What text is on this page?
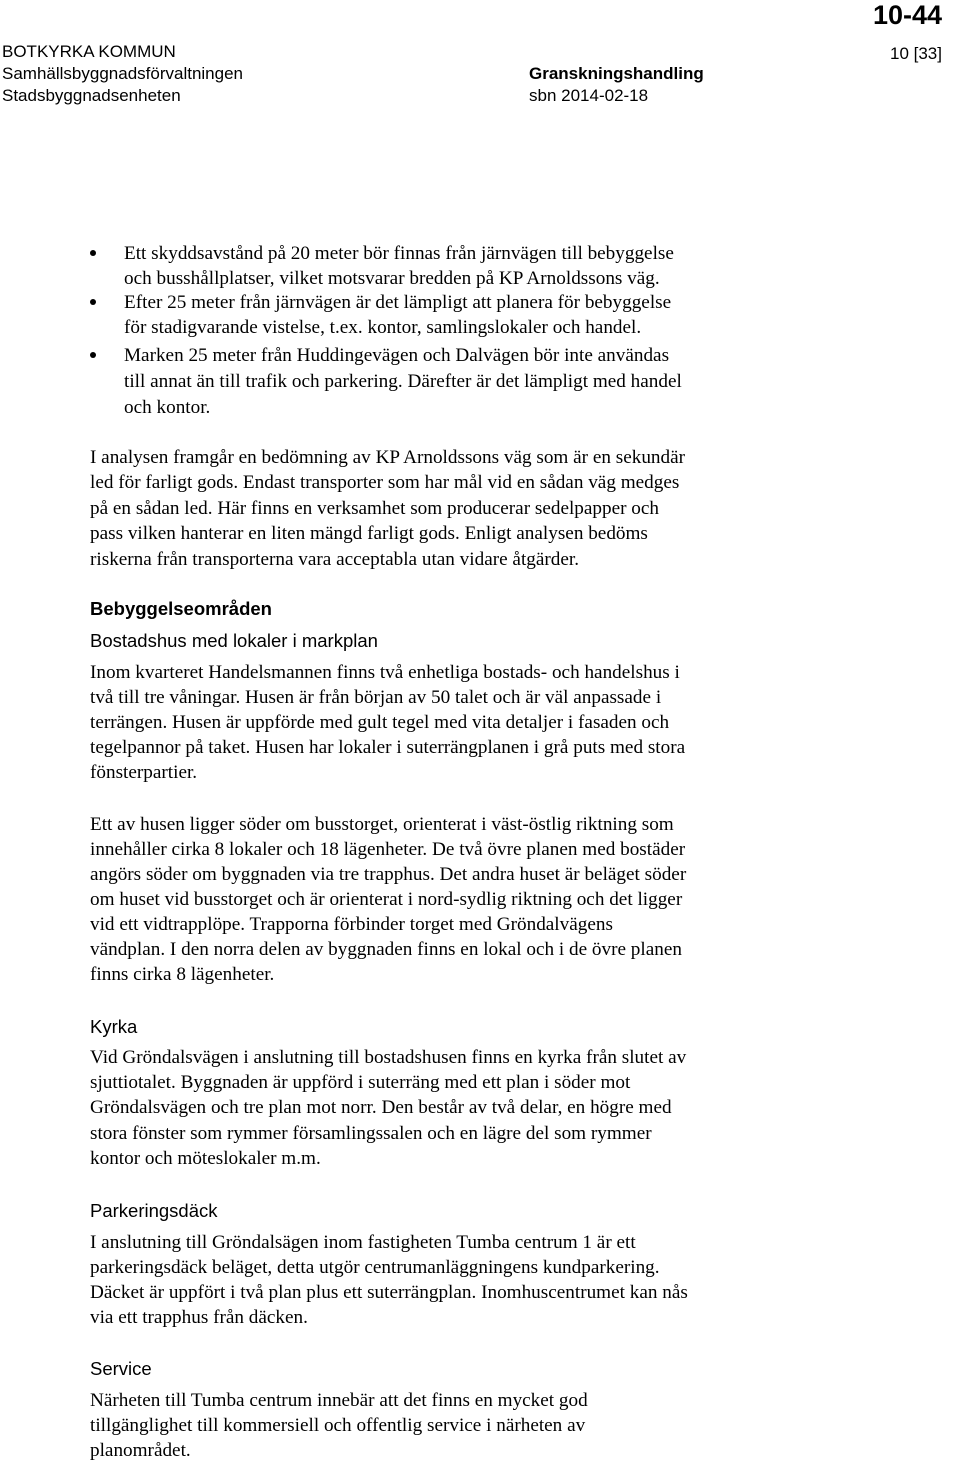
10-44
BOTKYRKA KOMMUN
Samhällsbyggnadsförvaltningen
Stadsbyggnadsenheten
Granskningshandling
sbn 2014-02-18
10 [33]
Ett skyddsavstånd på 20 meter bör finnas från järnvägen till bebyggelse
och busshållplatser, vilket motsvarar bredden på KP Arnoldssons väg.
Efter 25 meter från järnvägen är det lämpligt att planera för bebyggelse
för stadigvarande vistelse, t.ex. kontor, samlingslokaler och handel.
Marken 25 meter från Huddingevägen och Dalvägen bör inte användas
till annat än till trafik och parkering. Därefter är det lämpligt med handel
och kontor.
I analysen framgår en bedömning av KP Arnoldssons väg som är en sekundär
led för farligt gods. Endast transporter som har mål vid en sådan väg medges
på en sådan led. Här finns en verksamhet som producerar sedelpapper och
pass vilken hanterar en liten mängd farligt gods. Enligt analysen bedöms
riskerna från transporterna vara acceptabla utan vidare åtgärder.
Bebyggelseområden
Bostadshus med lokaler i markplan
Inom kvarteret Handelsmannen finns två enhetliga bostads- och handelshus i
två till tre våningar. Husen är från början av 50 talet och är väl anpassade i
terrängen. Husen är uppförde med gult tegel med vita detaljer i fasaden och
tegelpannor på taket. Husen har lokaler i suterrängplanen i grå puts med stora
fönsterpartier.
Ett av husen ligger söder om busstorget, orienterat i väst-östlig riktning som
innehåller cirka 8 lokaler och 18 lägenheter. De två övre planen med bostäder
angörs söder om byggnaden via tre trapphus. Det andra huset är beläget söder
om huset vid busstorget och är orienterat i nord-sydlig riktning och det ligger
vid ett vidtrapplöpe. Trapporna förbinder torget med Gröndalvägens
vändplan. I den norra delen av byggnaden finns en lokal och i de övre planen
finns cirka 8 lägenheter.
Kyrka
Vid Gröndalsvägen i anslutning till bostadshusen finns en kyrka från slutet av
sjuttiotalet. Byggnaden är uppförd i suterräng med ett plan i söder mot
Gröndalsvägen och tre plan mot norr. Den består av två delar, en högre med
stora fönster som rymmer församlingssalen och en lägre del som rymmer
kontor och möteslokaler m.m.
Parkeringsdäck
I anslutning till Gröndalsägen inom fastigheten Tumba centrum 1 är ett
parkeringsdäck beläget, detta utgör centrumanläggningens kundparkering.
Däcket är uppfört i två plan plus ett suterrängplan. Inomhuscentrumet kan nås
via ett trapphus från däcken.
Service
Närheten till Tumba centrum innebär att det finns en mycket god
tillgänglighet till kommersiell och offentlig service i närheten av
planområdet.
